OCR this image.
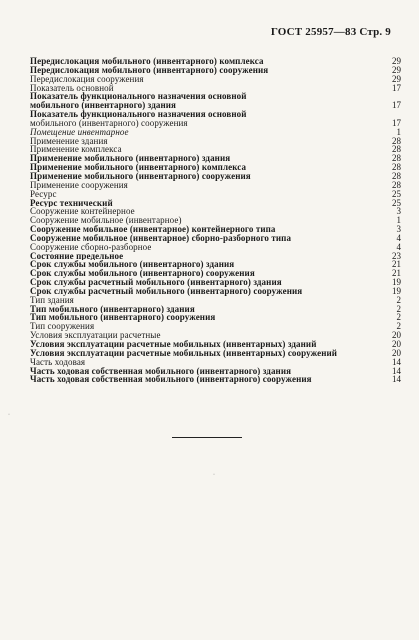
ГОСТ 25957—83 Стр. 9
Передислокация мобильного (инвентарного) комплекса	29
Передислокация мобильного (инвентарного) сооружения	29
Передислокация сооружения	29
Показатель основной	17
Показатель функционального назначения основной
мобильного (инвентарного) здания	17
Показатель функционального назначения основной
мобильного (инвентарного) сооружения	17
Помещение инвентарное	1
Применение здания	28
Применение комплекса	28
Применение мобильного (инвентарного) здания	28
Применение мобильного (инвентарного) комплекса	28
Применение мобильного (инвентарного) сооружения	28
Применение сооружения	28
Ресурс	25
Ресурс технический	25
Сооружение контейнерное	3
Сооружение мобильное (инвентарное)	1
Сооружение мобильное (инвентарное) контейнерного типа	3
Сооружение мобильное (инвентарное) сборно-разборного типа	4
Сооружение сборно-разборное	4
Состояние предельное	23
Срок службы мобильного (инвентарного) здания	21
Срок службы мобильного (инвентарного) сооружения	21
Срок службы расчетный мобильного (инвентарного) здания	19
Срок службы расчетный мобильного (инвентарного) сооружения	19
Тип здания	2
Тип мобильного (инвентарного) здания	2
Тип мобильного (инвентарного) сооружения	2
Тип сооружения	2
Условия эксплуатации расчетные	20
Условия эксплуатации расчетные мобильных (инвентарных) зданий	20
Условия эксплуатации расчетные мобильных (инвентарных) сооружений	20
Часть ходовая	14
Часть ходовая собственная мобильного (инвентарного) здания	14
Часть ходовая собственная мобильного (инвентарного) сооружения	14
·
·
